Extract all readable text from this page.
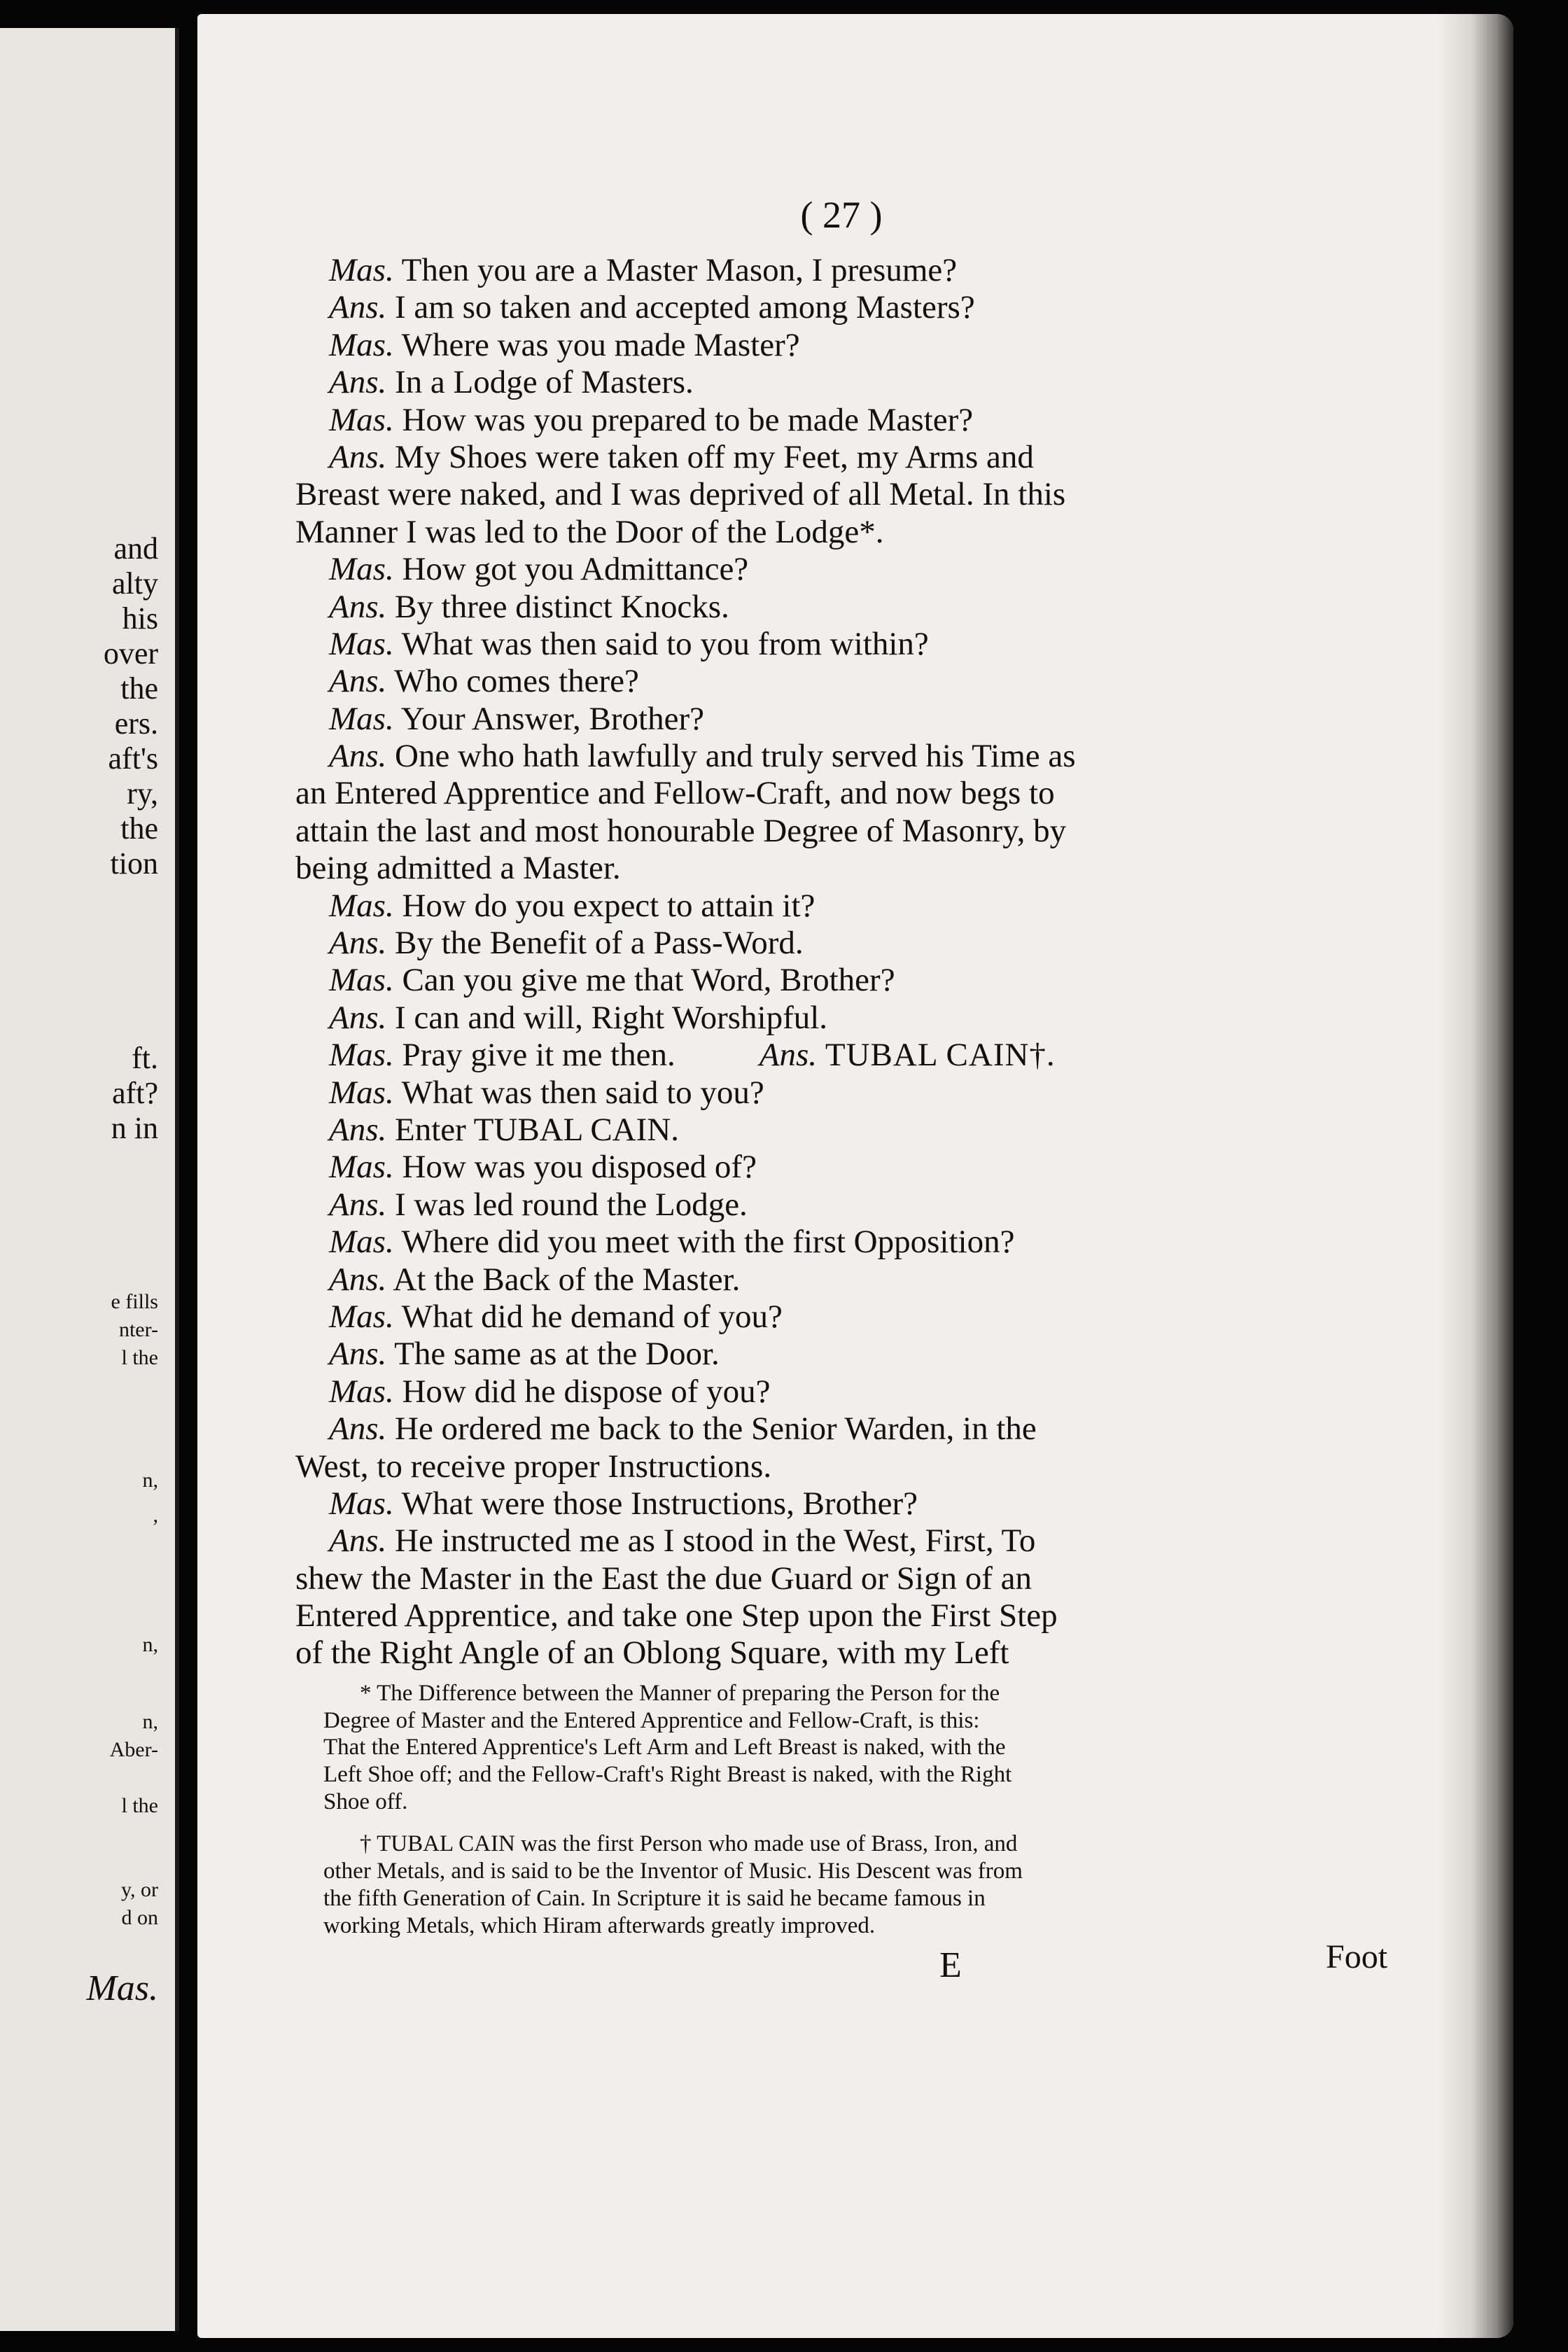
and
alty
his
over
the
ers.
aft's
ry,
the
tion
ft.
aft?
n in
e fills
nter-
l the
n,
,
n,
n,
Aber-
l the
y, or
d on
Mas.
( 27 )
Mas. Then you are a Master Mason, I presume?
Ans. I am so taken and accepted among Masters?
Mas. Where was you made Master?
Ans. In a Lodge of Masters.
Mas. How was you prepared to be made Master?
Ans. My Shoes were taken off my Feet, my Arms and
Breast were naked, and I was deprived of all Metal. In this
Manner I was led to the Door of the Lodge*.
Mas. How got you Admittance?
Ans. By three distinct Knocks.
Mas. What was then said to you from within?
Ans. Who comes there?
Mas. Your Answer, Brother?
Ans. One who hath lawfully and truly served his Time as
an Entered Apprentice and Fellow-Craft, and now begs to
attain the last and most honourable Degree of Masonry, by
being admitted a Master.
Mas. How do you expect to attain it?
Ans. By the Benefit of a Pass-Word.
Mas. Can you give me that Word, Brother?
Ans. I can and will, Right Worshipful.
Mas. Pray give it me then.	Ans. TUBAL CAIN†.
Mas. What was then said to you?
Ans. Enter TUBAL CAIN.
Mas. How was you disposed of?
Ans. I was led round the Lodge.
Mas. Where did you meet with the first Opposition?
Ans. At the Back of the Master.
Mas. What did he demand of you?
Ans. The same as at the Door.
Mas. How did he dispose of you?
Ans. He ordered me back to the Senior Warden, in the
West, to receive proper Instructions.
Mas. What were those Instructions, Brother?
Ans. He instructed me as I stood in the West, First, To
shew the Master in the East the due Guard or Sign of an
Entered Apprentice, and take one Step upon the First Step
of the Right Angle of an Oblong Square, with my Left
* The Difference between the Manner of preparing the Person for the
Degree of Master and the Entered Apprentice and Fellow-Craft, is this:
That the Entered Apprentice's Left Arm and Left Breast is naked, with the
Left Shoe off; and the Fellow-Craft's Right Breast is naked, with the Right
Shoe off.
† TUBAL CAIN was the first Person who made use of Brass, Iron, and
other Metals, and is said to be the Inventor of Music. His Descent was from
the fifth Generation of Cain. In Scripture it is said he became famous in
working Metals, which Hiram afterwards greatly improved.
E	Foot
